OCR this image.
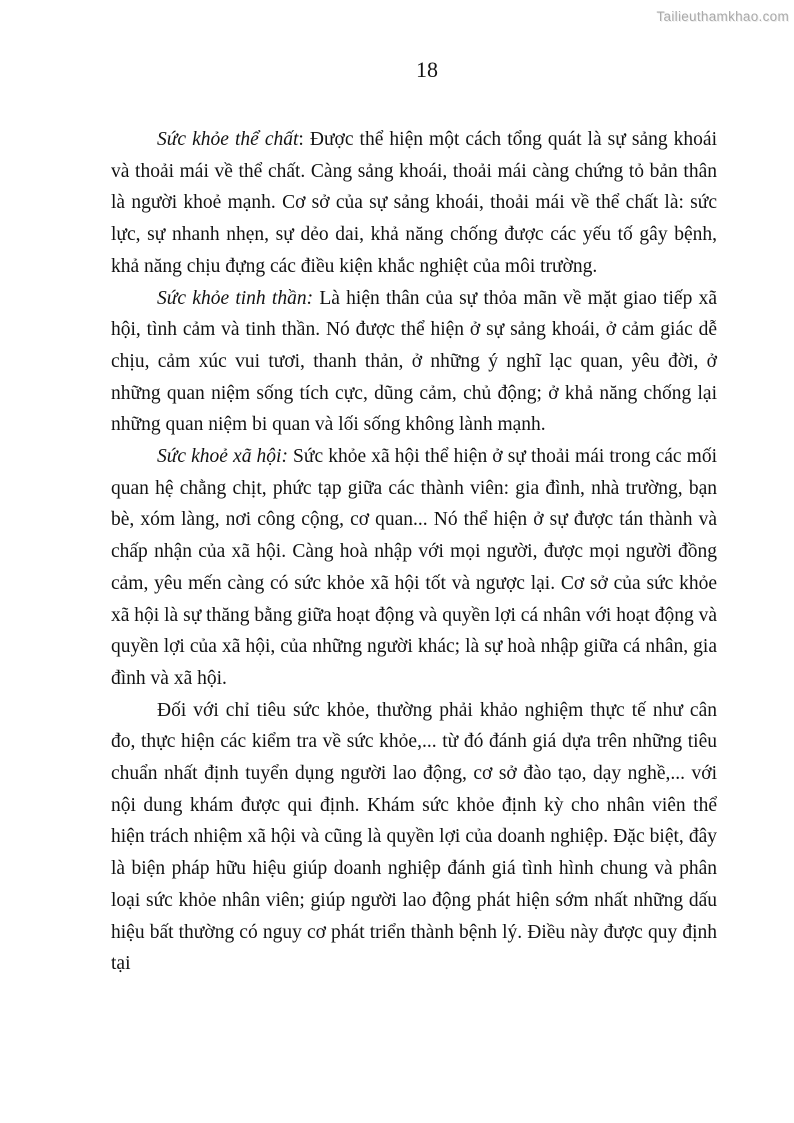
Tailieuthamkhao.com
18

Sức khỏe thể chất: Được thể hiện một cách tổng quát là sự sảng khoái và thoải mái về thể chất. Càng sảng khoái, thoải mái càng chứng tỏ bản thân là người khoẻ mạnh. Cơ sở của sự sảng khoái, thoải mái về thể chất là: sức lực, sự nhanh nhẹn, sự dẻo dai, khả năng chống được các yếu tố gây bệnh, khả năng chịu đựng các điều kiện khắc nghiệt của môi trường.

Sức khỏe tinh thần: Là hiện thân của sự thỏa mãn về mặt giao tiếp xã hội, tình cảm và tinh thần. Nó được thể hiện ở sự sảng khoái, ở cảm giác dễ chịu, cảm xúc vui tươi, thanh thản, ở những ý nghĩ lạc quan, yêu đời, ở những quan niệm sống tích cực, dũng cảm, chủ động; ở khả năng chống lại những quan niệm bi quan và lối sống không lành mạnh.

Sức khoẻ xã hội: Sức khỏe xã hội thể hiện ở sự thoải mái trong các mối quan hệ chằng chịt, phức tạp giữa các thành viên: gia đình, nhà trường, bạn bè, xóm làng, nơi công cộng, cơ quan... Nó thể hiện ở sự được tán thành và chấp nhận của xã hội. Càng hoà nhập với mọi người, được mọi người đồng cảm, yêu mến càng có sức khỏe xã hội tốt và ngược lại. Cơ sở của sức khỏe xã hội là sự thăng bằng giữa hoạt động và quyền lợi cá nhân với hoạt động và quyền lợi của xã hội, của những người khác; là sự hoà nhập giữa cá nhân, gia đình và xã hội.

Đối với chỉ tiêu sức khỏe, thường phải khảo nghiệm thực tế như cân đo, thực hiện các kiểm tra về sức khỏe,... từ đó đánh giá dựa trên những tiêu chuẩn nhất định tuyển dụng người lao động, cơ sở đào tạo, dạy nghề,... với nội dung khám được qui định. Khám sức khỏe định kỳ cho nhân viên thể hiện trách nhiệm xã hội và cũng là quyền lợi của doanh nghiệp. Đặc biệt, đây là biện pháp hữu hiệu giúp doanh nghiệp đánh giá tình hình chung và phân loại sức khỏe nhân viên; giúp người lao động phát hiện sớm nhất những dấu hiệu bất thường có nguy cơ phát triển thành bệnh lý. Điều này được quy định tại
